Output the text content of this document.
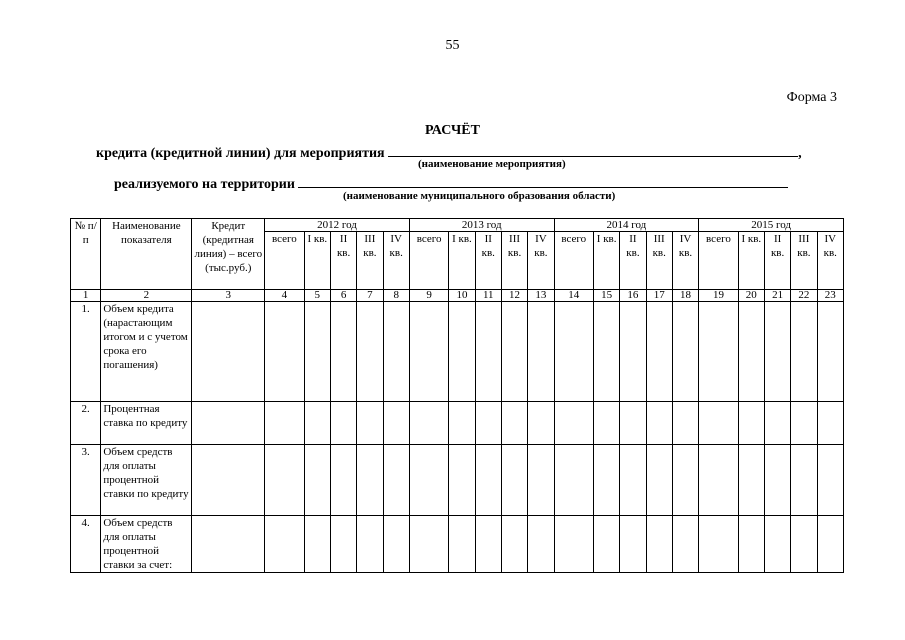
55
Форма 3
РАСЧЁТ
кредита (кредитной линии) для мероприятия	,
(наименование мероприятия)
реализуемого на территории
(наименование муниципального образования области)
№ п/п	Наименование показателя	Кредит (кредитная линия) – всего (тыс.руб.)	2012 год					2013 год					2014 год					2015 год				
			всего	I кв.	II кв.	III кв.	IV кв.	всего	I кв.	II кв.	III кв.	IV кв.	всего	I кв.	II кв.	III кв.	IV кв.	всего	I кв.	II кв.	III кв.	IV кв.
1	2	3	4	5	6	7	8	9	10	11	12	13	14	15	16	17	18	19	20	21	22	23
1.	Объем кредита (нарастающим итогом и с учетом срока его погашения)																					
2.	Процентная ставка по кредиту																					
3.	Объем средств для оплаты процентной ставки по кредиту																					
4.	Объем средств для оплаты процентной ставки за счет:																					
